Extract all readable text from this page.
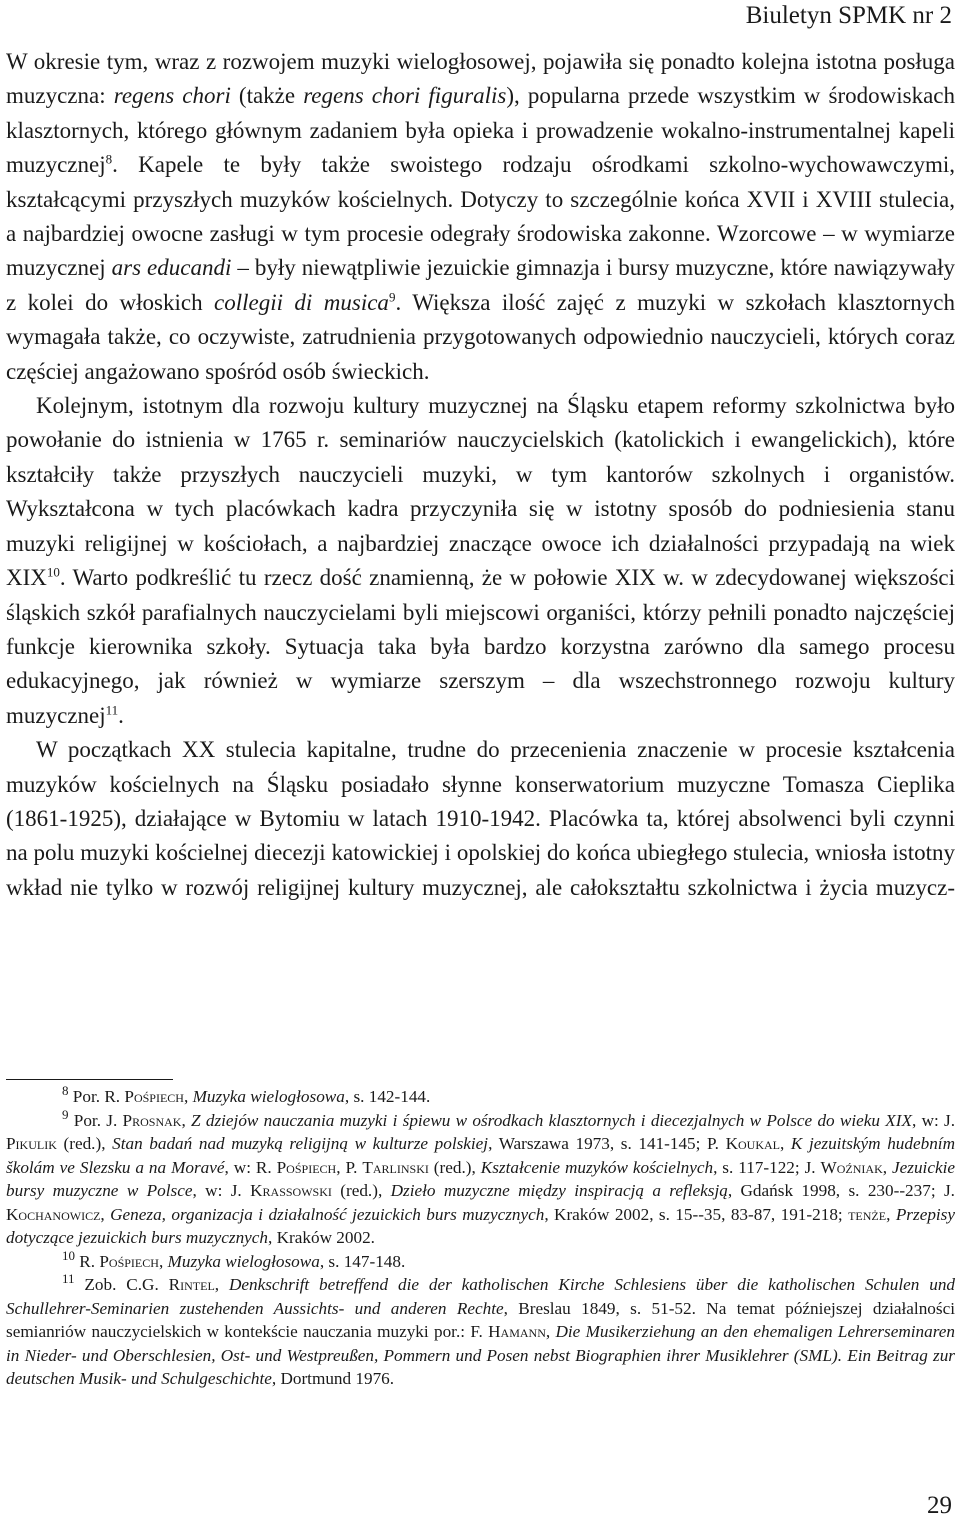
Biuletyn SPMK nr 2

W okresie tym, wraz z rozwojem muzyki wielogłosowej, pojawiła się ponadto kolejna istotna posługa muzyczna: regens chori (także regens chori figuralis), popularna przede wszystkim w środowiskach klasztornych, którego głównym zadaniem była opieka i prowadzenie wokalno-instrumentalnej kapeli muzycznej$^8$. Kapele te były także swoistego rodzaju ośrodkami szkolno-wychowawczymi, kształcącymi przyszłych muzyków kościelnych. Dotyczy to szczególnie końca XVII i XVIII stulecia, a najbardziej owocne zasługi w tym procesie odegrały środowiska zakonne. Wzorcowe – w wymiarze muzycznej ars educandi – były niewątpliwie jezuickie gimnazja i bursy muzyczne, które nawiązywały z kolei do włoskich collegii di musica$^9$. Większa ilość zajęć z muzyki w szkołach klasztornych wymagała także, co oczywiste, zatrudnienia przygotowanych odpowiednio nauczycieli, których coraz częściej angażowano spośród osób świeckich.

Kolejnym, istotnym dla rozwoju kultury muzycznej na Śląsku etapem reformy szkolnictwa było powołanie do istnienia w 1765 r. seminariów nauczycielskich (katolickich i ewangelickich), które kształciły także przyszłych nauczycieli muzyki, w tym kantorów szkolnych i organistów. Wykształcona w tych placówkach kadra przyczyniła się w istotny sposób do podniesienia stanu muzyki religijnej w kościołach, a najbardziej znaczące owoce ich działalności przypadają na wiek XIX$^{10}$. Warto podkreślić tu rzecz dość znamienną, że w połowie XIX w. w zdecydowanej większości śląskich szkół parafialnych nauczycielami byli miejscowi organiści, którzy pełnili ponadto najczęściej funkcje kierownika szkoły. Sytuacja taka była bardzo korzystna zarówno dla samego procesu edukacyjnego, jak również w wymiarze szerszym – dla wszechstronnego rozwoju kultury muzycznej$^{11}$.

W początkach XX stulecia kapitalne, trudne do przecenienia znaczenie w procesie kształcenia muzyków kościelnych na Śląsku posiadało słynne konserwatorium muzyczne Tomasza Cieplika (1861-1925), działające w Bytomiu w latach 1910-1942. Placówka ta, której absolwenci byli czynni na polu muzyki kościelnej diecezji katowickiej i opolskiej do końca ubiegłego stulecia, wniosła istotny wkład nie tylko w rozwój religijnej kultury muzycznej, ale całokształtu szkolnictwa i życia muzycz-

$^8$ Por. R. Pośpiech, Muzyka wielogłosowa, s. 142-144.

$^9$ Por. J. Prosnak, Z dziejów nauczania muzyki i śpiewu w ośrodkach klasztornych i diecezjalnych w Polsce do wieku XIX, w: J. Pikulik (red.), Stan badań nad muzyką religijną w kulturze polskiej, Warszawa 1973, s. 141-145; P. Koukal, K jezuitským hudebním školám ve Slezsku a na Moravé, w: R. Pośpiech, P. Tarlinski (red.), Kształcenie muzyków kościelnych, s. 117-122; J. Woźniak, Jezuickie bursy muzyczne w Polsce, w: J. Krassowski (red.), Dzieło muzyczne między inspiracją a refleksją, Gdańsk 1998, s. 230--237; J. Kochanowicz, Geneza, organizacja i działalność jezuickich burs muzycznych, Kraków 2002, s. 15--35, 83-87, 191-218; tenże, Przepisy dotyczące jezuickich burs muzycznych, Kraków 2002.

$^{10}$ R. Pośpiech, Muzyka wielogłosowa, s. 147-148.

$^{11}$ Zob. C.G. Rintel, Denkschrift betreffend die der katholischen Kirche Schlesiens über die katholischen Schulen und Schullehrer-Seminarien zustehenden Aussichts- und anderen Rechte, Breslau 1849, s. 51-52. Na temat późniejszej działalności semianriów nauczycielskich w kontekście nauczania muzyki por.: F. Hamann, Die Musikerziehung an den ehemaligen Lehrerseminaren in Nieder- und Oberschlesien, Ost- und Westpreußen, Pommern und Posen nebst Biographien ihrer Musiklehrer (SML). Ein Beitrag zur deutschen Musik- und Schulgeschichte, Dortmund 1976.

29
